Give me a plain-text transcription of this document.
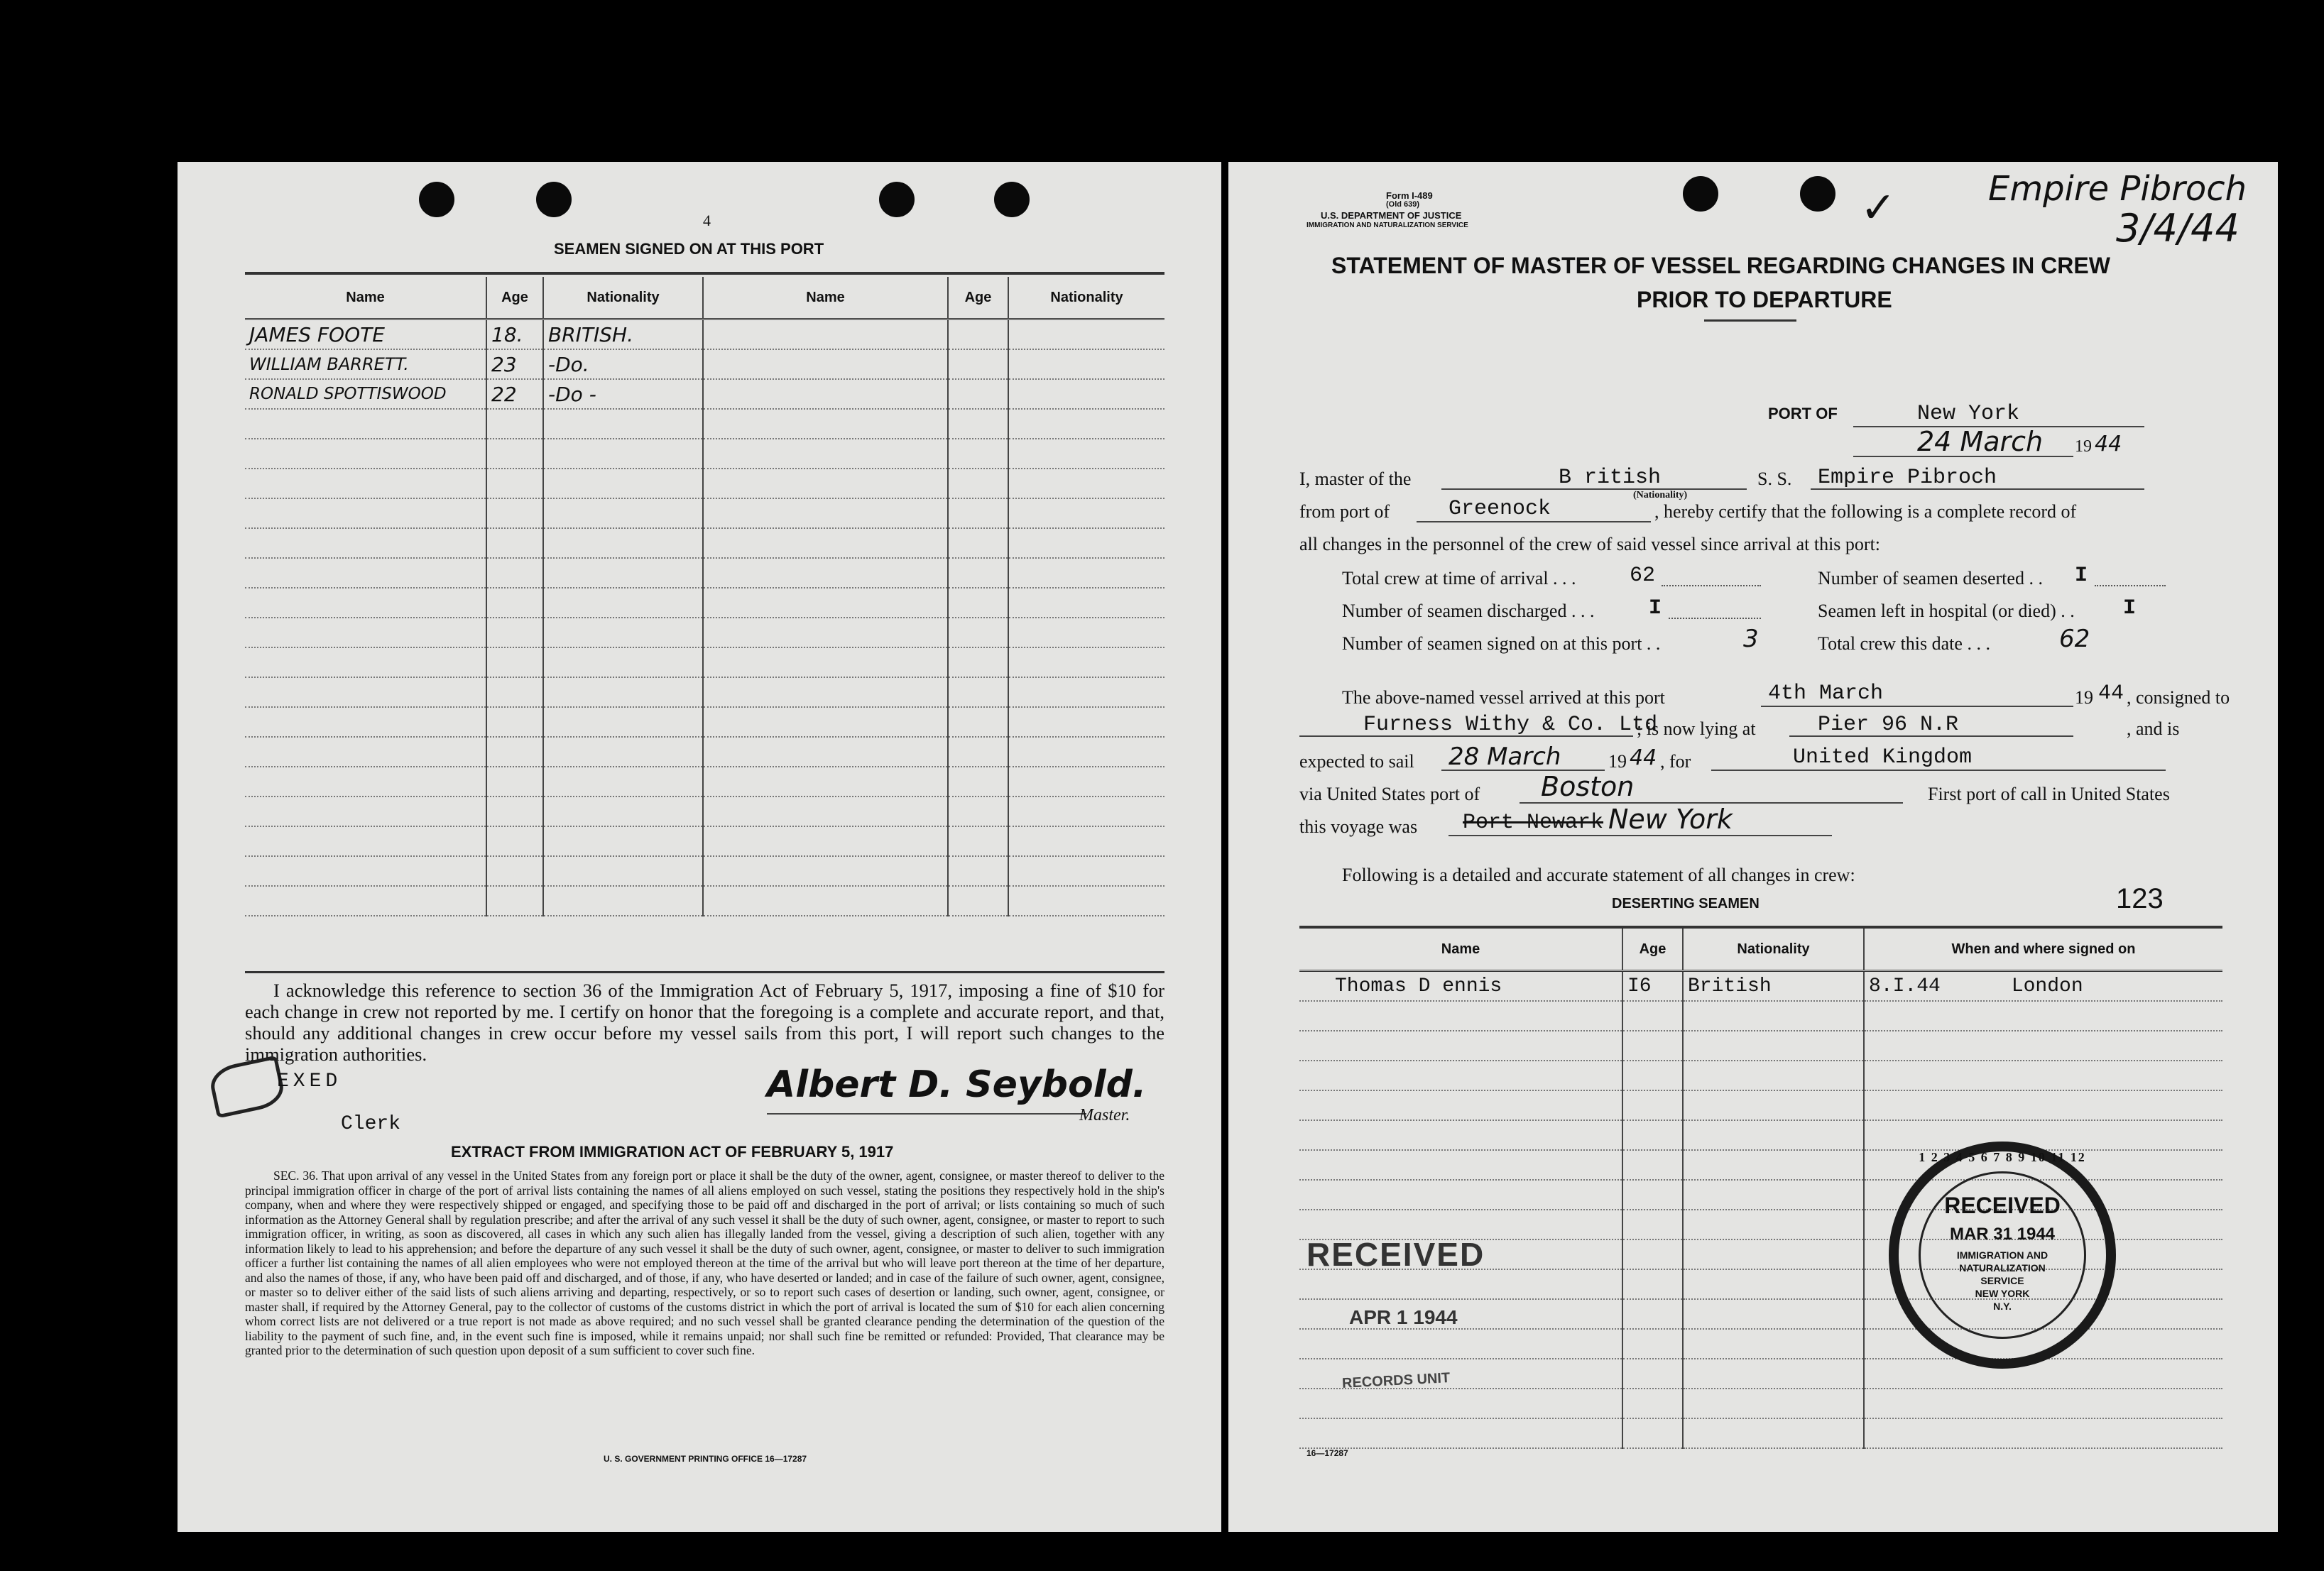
4
SEAMEN SIGNED ON AT THIS PORT
Name	Age	Nationality	Name	Age	Nationality
JAMES FOOTE	18.	BRITISH.			
WILLIAM BARRETT.	23	-Do.			
RONALD SPOTTISWOOD	22	-Do -			

I acknowledge this reference to section 36 of the Immigration Act of February 5, 1917, imposing a fine of $10 for each change in crew not reported by me. I certify on honor that the foregoing is a complete and accurate report, and that, should any additional changes in crew occur before my vessel sails from this port, I will report such changes to the immigration authorities.
EXED
Clerk
Albert D. Seybold.
Master.
EXTRACT FROM IMMIGRATION ACT OF FEBRUARY 5, 1917
SEC. 36. That upon arrival of any vessel in the United States from any foreign port or place it shall be the duty of the owner, agent, consignee, or master thereof to deliver to the principal immigration officer in charge of the port of arrival lists containing the names of all aliens employed on such vessel, stating the positions they respectively hold in the ship's company, when and where they were respectively shipped or engaged, and specifying those to be paid off and discharged in the port of arrival; or lists containing so much of such information as the Attorney General shall by regulation prescribe; and after the arrival of any such vessel it shall be the duty of such owner, agent, consignee, or master to report to such immigration officer, in writing, as soon as discovered, all cases in which any such alien has illegally landed from the vessel, giving a description of such alien, together with any information likely to lead to his apprehension; and before the departure of any such vessel it shall be the duty of such owner, agent, consignee, or master to deliver to such immigration officer a further list containing the names of all alien employees who were not employed thereon at the time of the arrival but who will leave port thereon at the time of her departure, and also the names of those, if any, who have been paid off and discharged, and of those, if any, who have deserted or landed; and in case of the failure of such owner, agent, consignee, or master so to deliver either of the said lists of such aliens arriving and departing, respectively, or so to report such cases of desertion or landing, such owner, agent, consignee, or master shall, if required by the Attorney General, pay to the collector of customs of the customs district in which the port of arrival is located the sum of $10 for each alien concerning whom correct lists are not delivered or a true report is not made as above required; and no such vessel shall be granted clearance pending the determination of the question of the liability to the payment of such fine, and, in the event such fine is imposed, while it remains unpaid; nor shall such fine be remitted or refunded: Provided, That clearance may be granted prior to the determination of such question upon deposit of a sum sufficient to cover such fine.
U. S. GOVERNMENT PRINTING OFFICE 16—17287
Form I-489
(Old 639)
U.S. DEPARTMENT OF JUSTICE
IMMIGRATION AND NATURALIZATION SERVICE	✓	Empire Pibroch
3/4/44
STATEMENT OF MASTER OF VESSEL REGARDING CHANGES IN CREW
PRIOR TO DEPARTURE
PORT OF	New York
24 March 19 44
I, master of the	B ritish
(Nationality)
S. S. Empire Pibroch
from port of	Greenock	, hereby certify that the following is a complete record of
all changes in the personnel of the crew of said vessel since arrival at this port:
Total crew at time of arrival . . .	62	Number of seamen deserted . . I
Number of seamen discharged . . .	I	Seamen left in hospital (or died) . . I
Number of seamen signed on at this port . .	3	Total crew this date . . .	62
The above-named vessel arrived at this port	4th March	19 44 , consigned to
Furness Withy & Co. Ltd
; is now lying at	Pier 96 N.R	, and is
expected to sail 28 March	19 44 , for	United Kingdom
via United States port of Boston	First port of call in United States
this voyage was Port Newark New York
Following is a detailed and accurate statement of all changes in crew:
DESERTING SEAMEN	123
Name	Age	Nationality	When and where signed on
Thomas D ennis	I6	British	8.I.44 London

RECEIVED
APR 1 1944
RECORDS UNIT
1 2 3 4 5 6 7 8 9 10 11 12
RECEIVED
MAR 31 1944
IMMIGRATION AND
NATURALIZATION
SERVICE
NEW YORK
N.Y.
16—17287
